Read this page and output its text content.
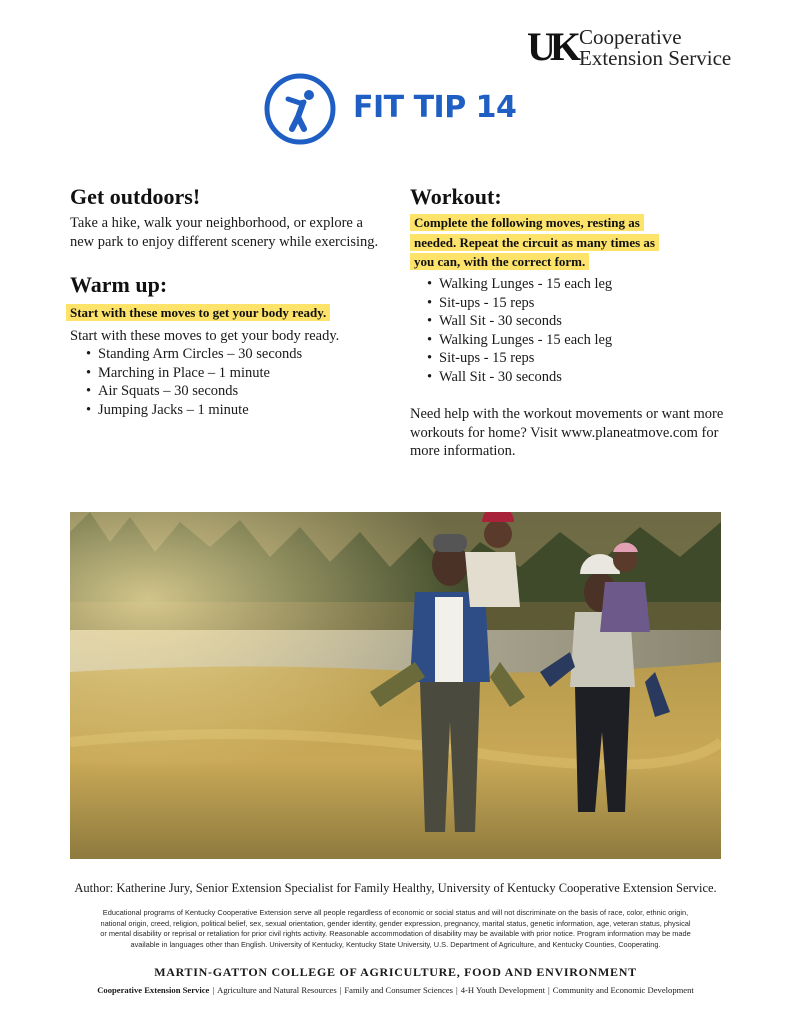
UK Cooperative
Extension Service
FIT TIP 14
Get outdoors!
Take a hike, walk your neighborhood, or explore a new park to enjoy different scenery while exercising.
Warm up:
Start with these moves to get your body ready.
Start with these moves to get your body ready.
• Standing Arm Circles – 30 seconds
• Marching in Place – 1 minute
• Air Squats – 30 seconds
• Jumping Jacks – 1 minute
Workout:
Complete the following moves, resting as needed. Repeat the circuit as many times as you can, with the correct form.
• Walking Lunges - 15 each leg
• Sit-ups - 15 reps
• Wall Sit - 30 seconds
• Walking Lunges - 15 each leg
• Sit-ups - 15 reps
• Wall Sit - 30 seconds
Need help with the workout movements or want more workouts for home? Visit www.planeatmove.com for more information.
Author: Katherine Jury, Senior Extension Specialist for Family Healthy, University of Kentucky Cooperative Extension Service.
Educational programs of Kentucky Cooperative Extension serve all people regardless of economic or social status and will not discriminate on the basis of race, color, ethnic origin, national origin, creed, religion, political belief, sex, sexual orientation, gender identity, gender expression, pregnancy, marital status, genetic information, age, veteran status, physical or mental disability or reprisal or retaliation for prior civil rights activity. Reasonable accommodation of disability may be available with prior notice. Program information may be made available in languages other than English. University of Kentucky, Kentucky State University, U.S. Department of Agriculture, and Kentucky Counties, Cooperating.
MARTIN-GATTON COLLEGE OF AGRICULTURE, FOOD AND ENVIRONMENT
Cooperative Extension Service | Agriculture and Natural Resources | Family and Consumer Sciences | 4-H Youth Development | Community and Economic Development
